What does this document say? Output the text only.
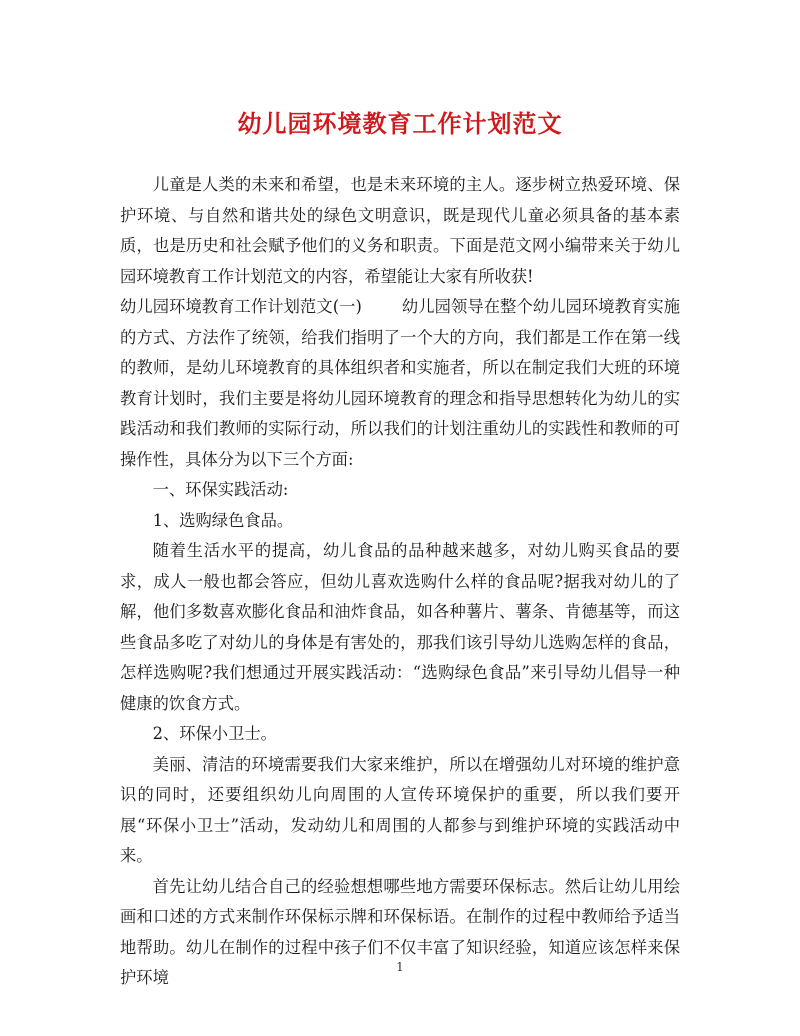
幼儿园环境教育工作计划范文

儿童是人类的未来和希望，也是未来环境的主人。逐步树立热爱环境、保护环境、与自然和谐共处的绿色文明意识，既是现代儿童必须具备的基本素质，也是历史和社会赋予他们的义务和职责。下面是范文网小编带来关于幼儿园环境教育工作计划范文的内容，希望能让大家有所收获!

幼儿园环境教育工作计划范文(一) 幼儿园领导在整个幼儿园环境教育实施的方式、方法作了统领，给我们指明了一个大的方向，我们都是工作在第一线的教师，是幼儿环境教育的具体组织者和实施者，所以在制定我们大班的环境教育计划时，我们主要是将幼儿园环境教育的理念和指导思想转化为幼儿的实践活动和我们教师的实际行动，所以我们的计划注重幼儿的实践性和教师的可操作性，具体分为以下三个方面:

一、环保实践活动:

1、选购绿色食品。

随着生活水平的提高，幼儿食品的品种越来越多，对幼儿购买食品的要求，成人一般也都会答应，但幼儿喜欢选购什么样的食品呢?据我对幼儿的了解，他们多数喜欢膨化食品和油炸食品，如各种薯片、薯条、肯德基等，而这些食品多吃了对幼儿的身体是有害处的，那我们该引导幼儿选购怎样的食品，怎样选购呢?我们想通过开展实践活动：“选购绿色食品”来引导幼儿倡导一种健康的饮食方式。

2、环保小卫士。

美丽、清洁的环境需要我们大家来维护，所以在增强幼儿对环境的维护意识的同时，还要组织幼儿向周围的人宣传环境保护的重要，所以我们要开展“环保小卫士”活动，发动幼儿和周围的人都参与到维护环境的实践活动中来。

首先让幼儿结合自己的经验想想哪些地方需要环保标志。然后让幼儿用绘画和口述的方式来制作环保标示牌和环保标语。在制作的过程中教师给予适当地帮助。幼儿在制作的过程中孩子们不仅丰富了知识经验，知道应该怎样来保护环境

1
